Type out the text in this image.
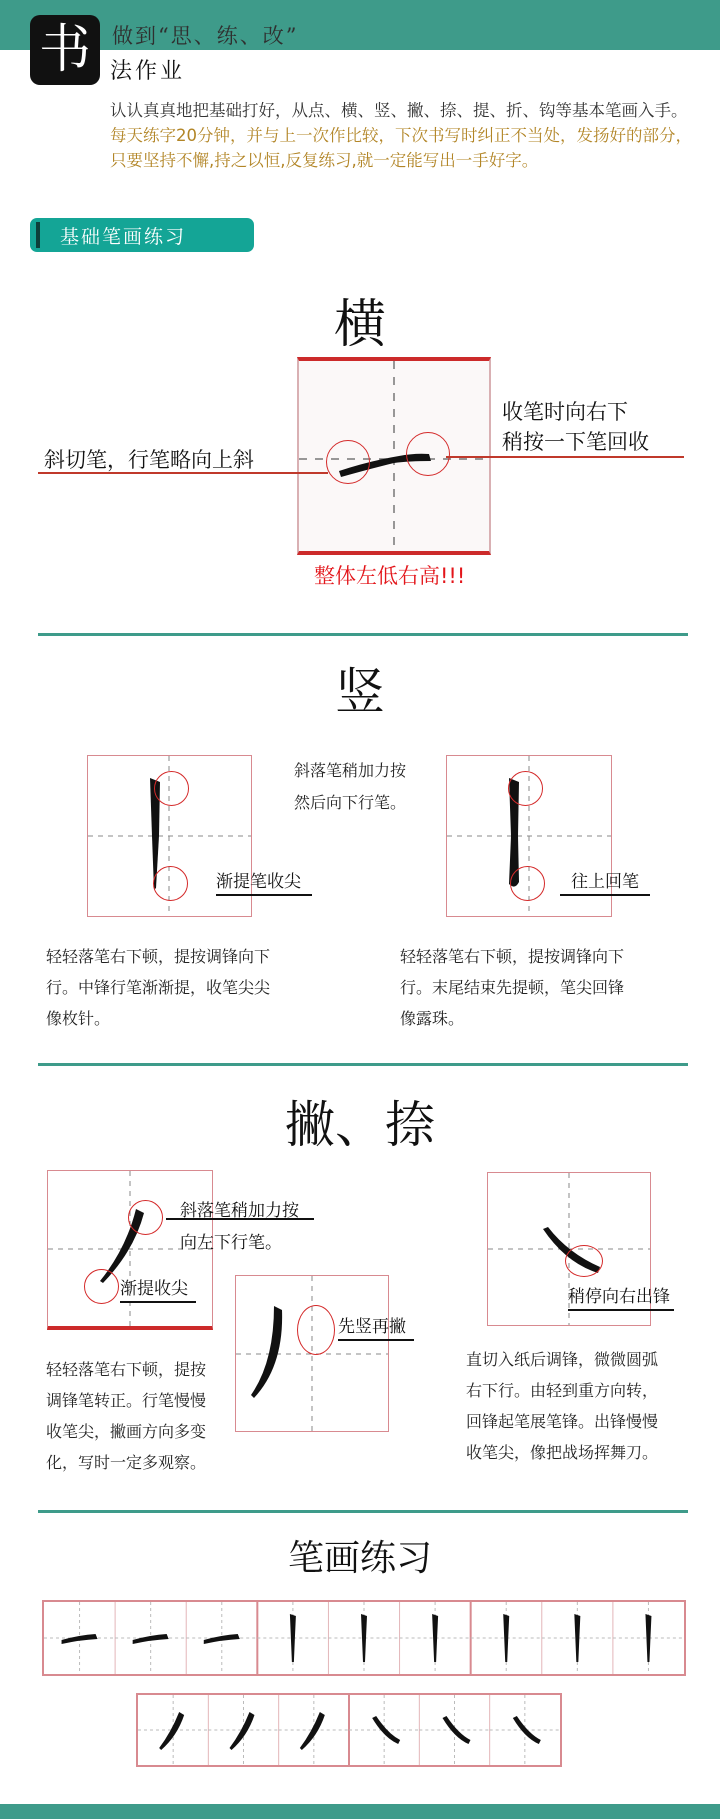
书	做到“思、练、改”
法作业
认认真真地把基础打好，从点、横、竖、撇、捺、提、折、钩等基本笔画入手。每天练字20分钟，并与上一次作比较，下次书写时纠正不当处，发扬好的部分，只要坚持不懈,持之以恒,反复练习,就一定能写出一手好字。
基础笔画练习
横
斜切笔，行笔略向上斜
收笔时向右下
稍按一下笔回收
整体左低右高!!!
竖
渐提笔收尖
斜落笔稍加力按
然后向下行笔。
往上回笔
轻轻落笔右下顿，提按调锋向下
行。中锋行笔渐渐提，收笔尖尖
像枚针。
轻轻落笔右下顿，提按调锋向下
行。末尾结束先提顿，笔尖回锋
像露珠。
撇、捺
斜落笔稍加力按
向左下行笔。
渐提收尖
先竖再撇
稍停向右出锋
轻轻落笔右下顿，提按
调锋笔转正。行笔慢慢
收笔尖，撇画方向多变
化，写时一定多观察。
直切入纸后调锋，微微圆弧
右下行。由轻到重方向转，
回锋起笔展笔锋。出锋慢慢
收笔尖，像把战场挥舞刀。
笔画练习
